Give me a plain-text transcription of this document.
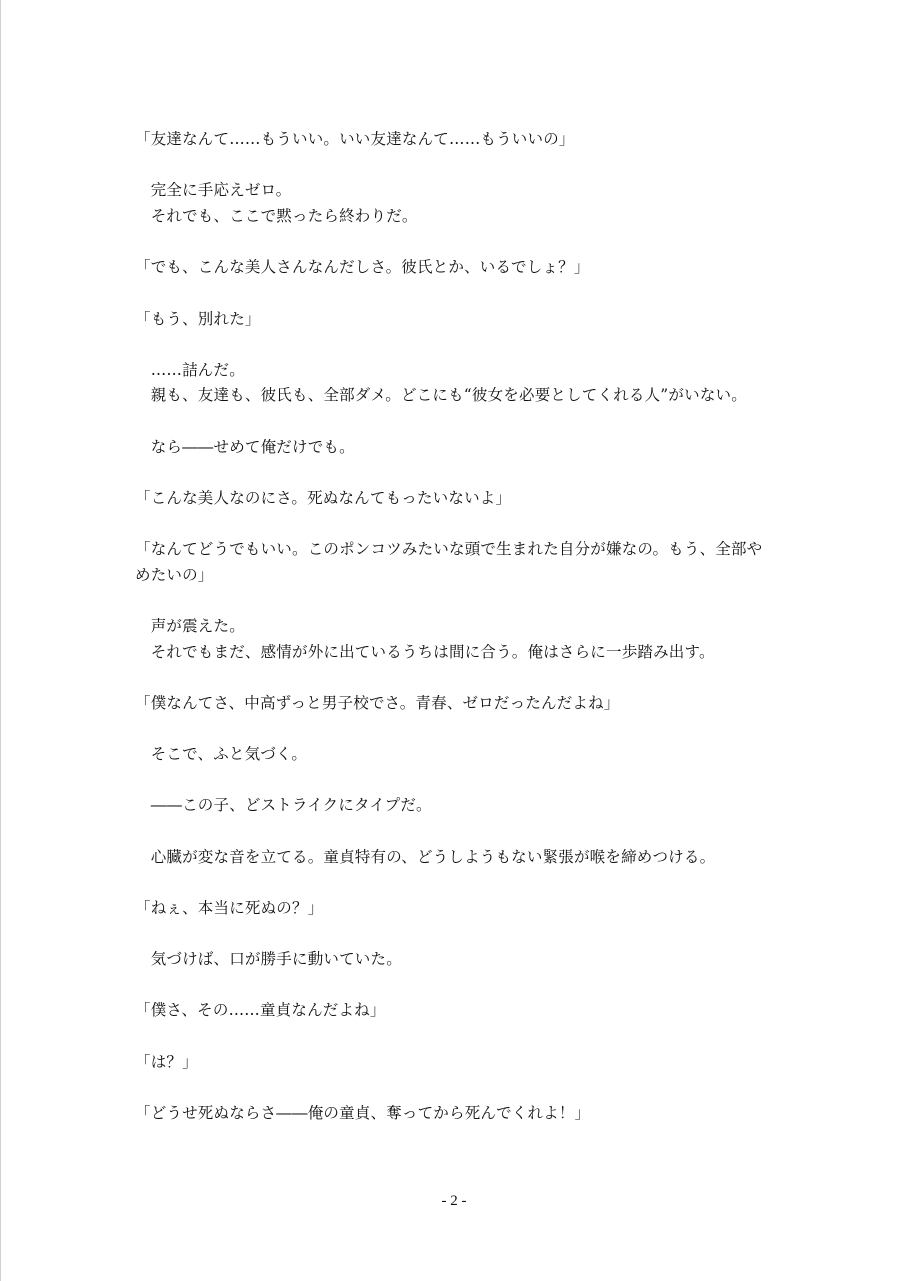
「友達なんて……もういい。いい友達なんて……もういいの」
　完全に手応えゼロ。
　それでも、ここで黙ったら終わりだ。
「でも、こんな美人さんなんだしさ。彼氏とか、いるでしょ？」
「もう、別れた」
　……詰んだ。
　親も、友達も、彼氏も、全部ダメ。どこにも“彼女を必要としてくれる人”がいない。
　なら――せめて俺だけでも。
「こんな美人なのにさ。死ぬなんてもったいないよ」
「なんてどうでもいい。このポンコツみたいな頭で生まれた自分が嫌なの。もう、全部や
めたいの」
　声が震えた。
　それでもまだ、感情が外に出ているうちは間に合う。俺はさらに一歩踏み出す。
「僕なんてさ、中高ずっと男子校でさ。青春、ゼロだったんだよね」
　そこで、ふと気づく。
　――この子、どストライクにタイプだ。
　心臓が変な音を立てる。童貞特有の、どうしようもない緊張が喉を締めつける。
「ねぇ、本当に死ぬの？」
　気づけば、口が勝手に動いていた。
「僕さ、その……童貞なんだよね」
「は？」
「どうせ死ぬならさ――俺の童貞、奪ってから死んでくれよ！」
- 2 -
